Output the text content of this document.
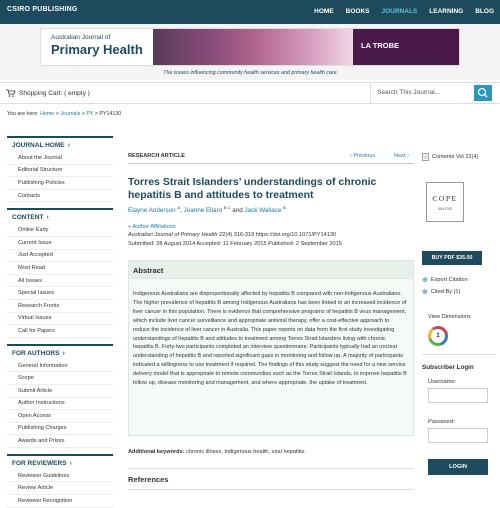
CSIRO PUBLISHING	HOME	BOOKS	JOURNALS	LEARNING	BLOG
Australian Journal of
Primary Health	LA TROBE
The issues influencing community health services and primary health care
Shopping Cart: ( empty )	Search This Journal...
You are here: Home > Journals > PY > PY14130
JOURNAL HOME ›
About the Journal
Editorial Structure
Publishing Policies
Contacts
CONTENT ›
Online Early
Current Issue
Just Accepted
Most Read
All Issues
Special Issues
Research Fronts
Virtual Issues
Call for Papers
FOR AUTHORS ›
General Information
Scope
Submit Article
Author Instructions
Open Access
Publishing Charges
Awards and Prizes
FOR REVIEWERS ›
Reviewer Guidelines
Review Article
Reviewer Recognition
RESEARCH ARTICLE	‹ Previous	Next ›
Torres Strait Islanders’ understandings of chronic hepatitis B and attitudes to treatment
Elayne Anderson $^A$, Jeanne Ellard $^{B C}$ and Jack Wallace $^B$
+ Author Affiliations
Australian Journal of Primary Health 22(4) 316-319 https://doi.org/10.1071/PY14130
Submitted: 28 August 2014 Accepted: 11 February 2015 Published: 2 September 2015
Abstract
Indigenous Australians are disproportionally affected by hepatitis B compared with non-Indigenous Australians. The higher prevalence of hepatitis B among Indigenous Australians has been linked to an increased incidence of liver cancer in this population. There is evidence that comprehensive programs of hepatitis B virus management, which include liver cancer surveillance and appropriate antiviral therapy, offer a cost-effective approach to reduce the incidence of liver cancer in Australia. This paper reports on data from the first study investigating understandings of hepatitis B and attitudes to treatment among Torres Strait Islanders living with chronic hepatitis B. Forty-two participants completed an interview questionnaire. Participants typically had an unclear understanding of hepatitis B and reported significant gaps in monitoring and follow up. A majority of participants indicated a willingness to use treatment if required. The findings of this study suggest the need for a new service delivery model that is appropriate to remote communities such as the Torres Strait Islands, to improve hepatitis B follow up, disease monitoring and management, and where appropriate, the uptake of treatment.
Additional keywords: chronic illness, Indigenous health, viral hepatitis.
References
Contents Vol 22(4)
COPE
JM12793
BUY PDF $35.00
⊕ Export Citation
⊕ Cited By (1)
View Dimensions
1
Subscriber Login
Username:
Password:
LOGIN
